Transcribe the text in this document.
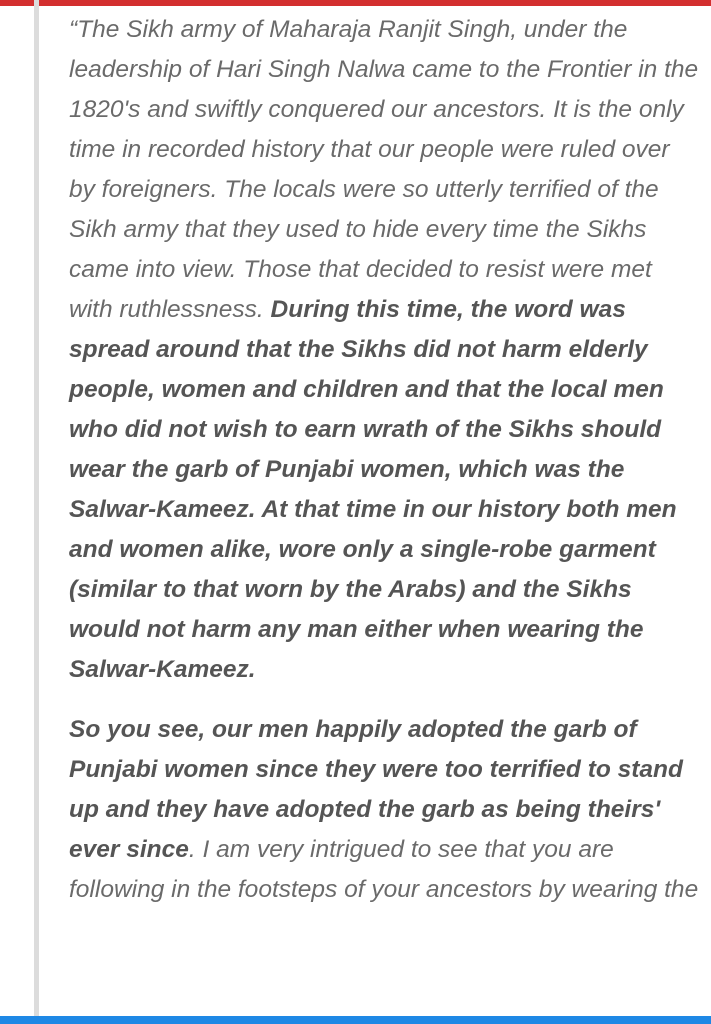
“The Sikh army of Maharaja Ranjit Singh, under the leadership of Hari Singh Nalwa came to the Frontier in the 1820's and swiftly conquered our ancestors. It is the only time in recorded history that our people were ruled over by foreigners. The locals were so utterly terrified of the Sikh army that they used to hide every time the Sikhs came into view. Those that decided to resist were met with ruthlessness. During this time, the word was spread around that the Sikhs did not harm elderly people, women and children and that the local men who did not wish to earn wrath of the Sikhs should wear the garb of Punjabi women, which was the Salwar-Kameez. At that time in our history both men and women alike, wore only a single-robe garment (similar to that worn by the Arabs) and the Sikhs would not harm any man either when wearing the Salwar-Kameez.

So you see, our men happily adopted the garb of Punjabi women since they were too terrified to stand up and they have adopted the garb as being theirs' ever since. I am very intrigued to see that you are following in the footsteps of your ancestors by wearing the
